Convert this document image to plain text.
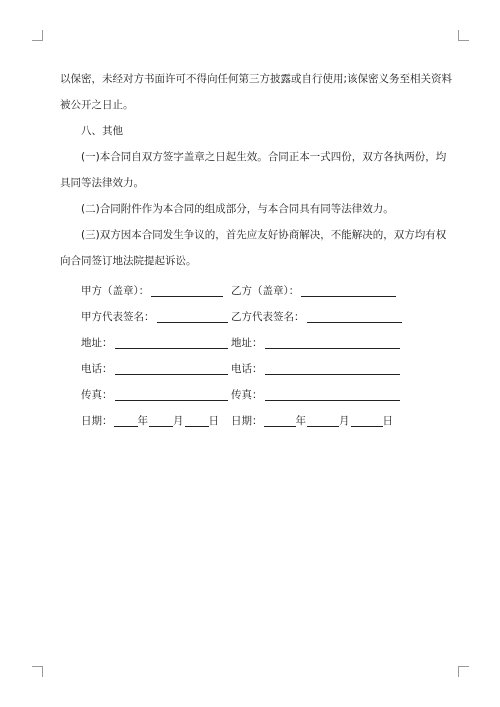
以保密，未经对方书面许可不得向任何第三方披露或自行使用;该保密义务至相关资料

被公开之日止。

八、其他

(一)本合同自双方签字盖章之日起生效。合同正本一式四份，双方各执两份，均

具同等法律效力。

(二)合同附件作为本合同的组成部分，与本合同具有同等法律效力。

(三)双方因本合同发生争议的，首先应友好协商解决，不能解决的，双方均有权

向合同签订地法院提起诉讼。

甲方（盖章）：	乙方（盖章）：
甲方代表签名：	乙方代表签名：
地址：	地址：
电话：	电话：
传真：	传真：
日期： 年 月 日 日期：	年	月	日
